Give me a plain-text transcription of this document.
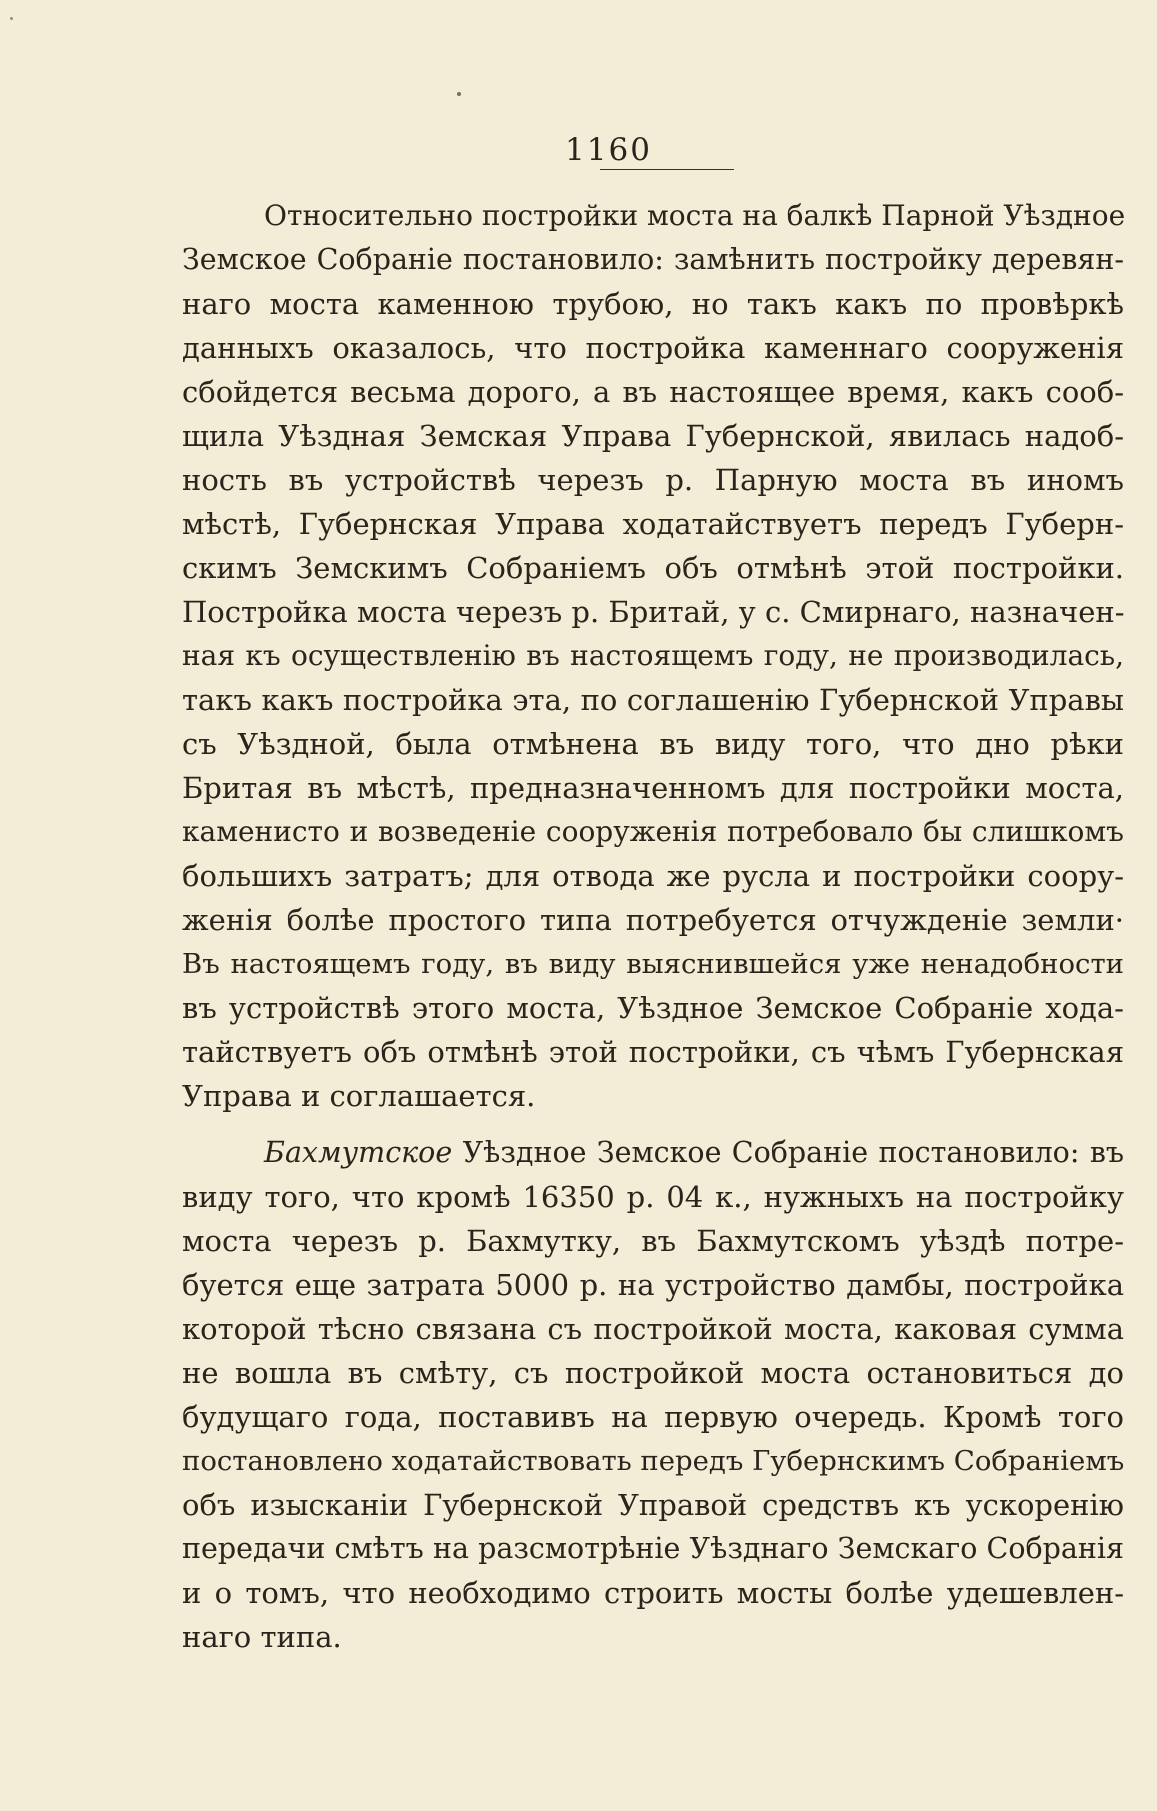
1160
Относительно постройки моста на балкѣ Парной Уѣздное
Земское Собраніе постановило: замѣнить постройку деревян-
наго моста каменною трубою, но такъ какъ по провѣркѣ
данныхъ оказалось, что постройка каменнаго сооруженія
сбойдется весьма дорого, а въ настоящее время, какъ сооб-
щила Уѣздная Земская Управа Губернской, явилась надоб-
ность въ устройствѣ черезъ р. Парную моста въ иномъ
мѣстѣ, Губернская Управа ходатайствуетъ передъ Губерн-
скимъ Земскимъ Собраніемъ объ отмѣнѣ этой постройки.
Постройка моста черезъ р. Бритай, у с. Смирнаго, назначен-
ная къ осуществленію въ настоящемъ году, не производилась,
такъ какъ постройка эта, по соглашенію Губернской Управы
съ Уѣздной, была отмѣнена въ виду того, что дно рѣки
Бритая въ мѣстѣ, предназначенномъ для постройки моста,
каменисто и возведеніе сооруженія потребовало бы слишкомъ
большихъ затратъ; для отвода же русла и постройки соору-
женія болѣе простого типа потребуется отчужденіе земли·
Въ настоящемъ году, въ виду выяснившейся уже ненадобности
въ устройствѣ этого моста, Уѣздное Земское Собраніе хода-
тайствуетъ объ отмѣнѣ этой постройки, съ чѣмъ Губернская
Управа и соглашается.
Бахмутское Уѣздное Земское Собраніе постановило: въ
виду того, что кромѣ 16350 р. 04 к., нужныхъ на постройку
моста черезъ р. Бахмутку, въ Бахмутскомъ уѣздѣ потре-
буется еще затрата 5000 р. на устройство дамбы, постройка
которой тѣсно связана съ постройкой моста, каковая сумма
не вошла въ смѣту, съ постройкой моста остановиться до
будущаго года, поставивъ на первую очередь. Кромѣ того
постановлено ходатайствовать передъ Губернскимъ Собраніемъ
объ изысканіи Губернской Управой средствъ къ ускоренію
передачи смѣтъ на разсмотрѣніе Уѣзднаго Земскаго Собранія
и о томъ, что необходимо строить мосты болѣе удешевлен-
наго типа.
